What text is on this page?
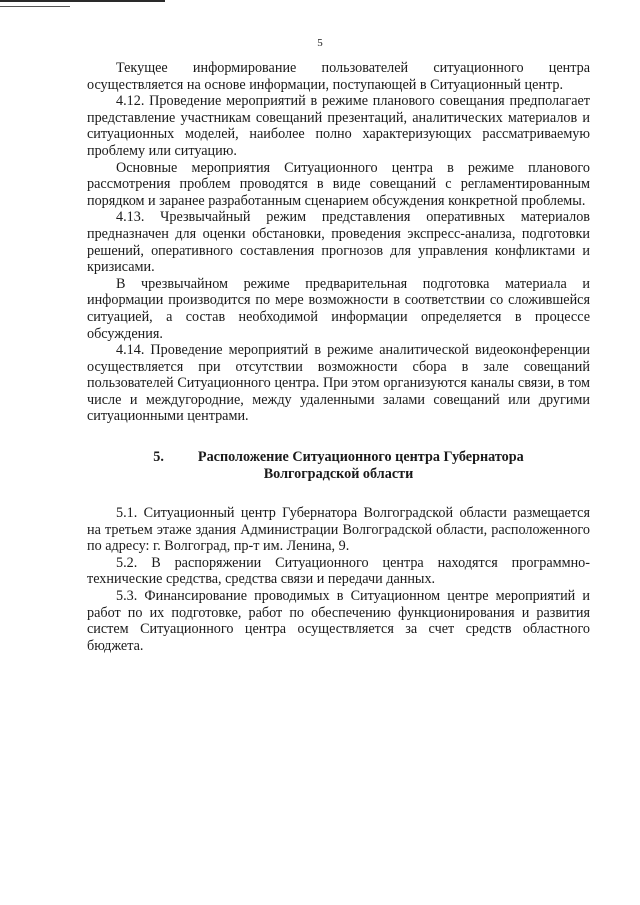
5

Текущее информирование пользователей ситуационного центра осуществляется на основе информации, поступающей в Ситуационный центр.

4.12. Проведение мероприятий в режиме планового совещания предполагает представление участникам совещаний презентаций, аналитических материалов и ситуационных моделей, наиболее полно характеризующих рассматриваемую проблему или ситуацию.

Основные мероприятия Ситуационного центра в режиме планового рассмотрения проблем проводятся в виде совещаний с регламентированным порядком и заранее разработанным сценарием обсуждения конкретной проблемы.

4.13. Чрезвычайный режим представления оперативных материалов предназначен для оценки обстановки, проведения экспресс-анализа, подготовки решений, оперативного составления прогнозов для управления конфликтами и кризисами.

В чрезвычайном режиме предварительная подготовка материала и информации производится по мере возможности в соответствии со сложившейся ситуацией, а состав необходимой информации определяется в процессе обсуждения.

4.14. Проведение мероприятий в режиме аналитической видеоконференции осуществляется при отсутствии возможности сбора в зале совещаний пользователей Ситуационного центра. При этом организуются каналы связи, в том числе и междугородние, между удаленными залами совещаний или другими ситуационными центрами.

5. Расположение Ситуационного центра Губернатора
Волгоградской области

5.1. Ситуационный центр Губернатора Волгоградской области размещается на третьем этаже здания Администрации Волгоградской области, расположенного по адресу: г. Волгоград, пр-т им. Ленина, 9.

5.2. В распоряжении Ситуационного центра находятся программно-технические средства, средства связи и передачи данных.

5.3. Финансирование проводимых в Ситуационном центре мероприятий и работ по их подготовке, работ по обеспечению функционирования и развития систем Ситуационного центра осуществляется за счет средств областного бюджета.
